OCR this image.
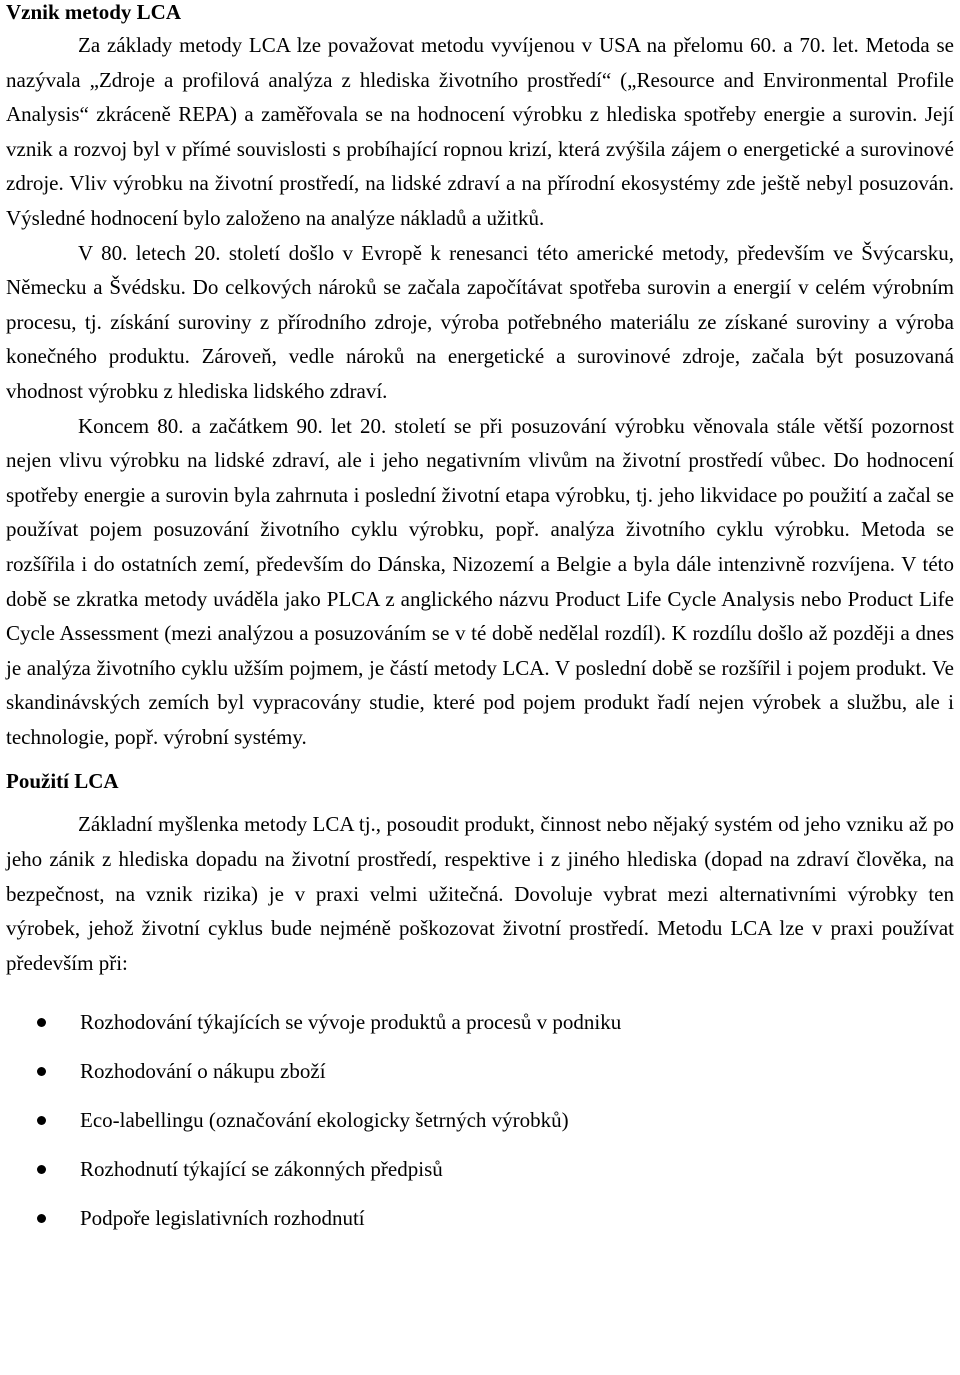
Vznik metody LCA

Za základy metody LCA lze považovat metodu vyvíjenou v USA na přelomu 60. a 70. let. Metoda se nazývala „Zdroje a profilová analýza z hlediska životního prostředí“ („Resource and Environmental Profile Analysis“ zkráceně REPA) a zaměřovala se na hodnocení výrobku z hlediska spotřeby energie a surovin. Její vznik a rozvoj byl v přímé souvislosti s probíhající ropnou krizí, která zvýšila zájem o energetické a surovinové zdroje. Vliv výrobku na životní prostředí, na lidské zdraví a na přírodní ekosystémy zde ještě nebyl posuzován. Výsledné hodnocení bylo založeno na analýze nákladů a užitků.

V 80. letech 20. století došlo v Evropě k renesanci této americké metody, především ve Švýcarsku, Německu a Švédsku. Do celkových nároků se začala započítávat spotřeba surovin a energií v celém výrobním procesu, tj. získání suroviny z přírodního zdroje, výroba potřebného materiálu ze získané suroviny a výroba konečného produktu. Zároveň, vedle nároků na energetické a surovinové zdroje, začala být posuzovaná vhodnost výrobku z hlediska lidského zdraví.

Koncem 80. a začátkem 90. let 20. století se při posuzování výrobku věnovala stále větší pozornost nejen vlivu výrobku na lidské zdraví, ale i jeho negativním vlivům na životní prostředí vůbec. Do hodnocení spotřeby energie a surovin byla zahrnuta i poslední životní etapa výrobku, tj. jeho likvidace po použití a začal se používat pojem posuzování životního cyklu výrobku, popř. analýza životního cyklu výrobku. Metoda se rozšířila i do ostatních zemí, především do Dánska, Nizozemí a Belgie a byla dále intenzivně rozvíjena. V této době se zkratka metody uváděla jako PLCA z anglického názvu Product Life Cycle Analysis nebo Product Life Cycle Assessment (mezi analýzou a posuzováním se v té době nedělal rozdíl). K rozdílu došlo až později a dnes je analýza životního cyklu užším pojmem, je částí metody LCA. V poslední době se rozšířil i pojem produkt. Ve skandinávských zemích byl vypracovány studie, které pod pojem produkt řadí nejen výrobek a službu, ale i technologie, popř. výrobní systémy.

Použití LCA

Základní myšlenka metody LCA tj., posoudit produkt, činnost nebo nějaký systém od jeho vzniku až po jeho zánik z hlediska dopadu na životní prostředí, respektive i z jiného hlediska (dopad na zdraví člověka, na bezpečnost, na vznik rizika) je v praxi velmi užitečná. Dovoluje vybrat mezi alternativními výrobky ten výrobek, jehož životní cyklus bude nejméně poškozovat životní prostředí. Metodu LCA lze v praxi používat především při:

Rozhodování týkajících se vývoje produktů a procesů v podniku
Rozhodování o nákupu zboží
Eco-labellingu (označování ekologicky šetrných výrobků)
Rozhodnutí týkající se zákonných předpisů
Podpoře legislativních rozhodnutí
